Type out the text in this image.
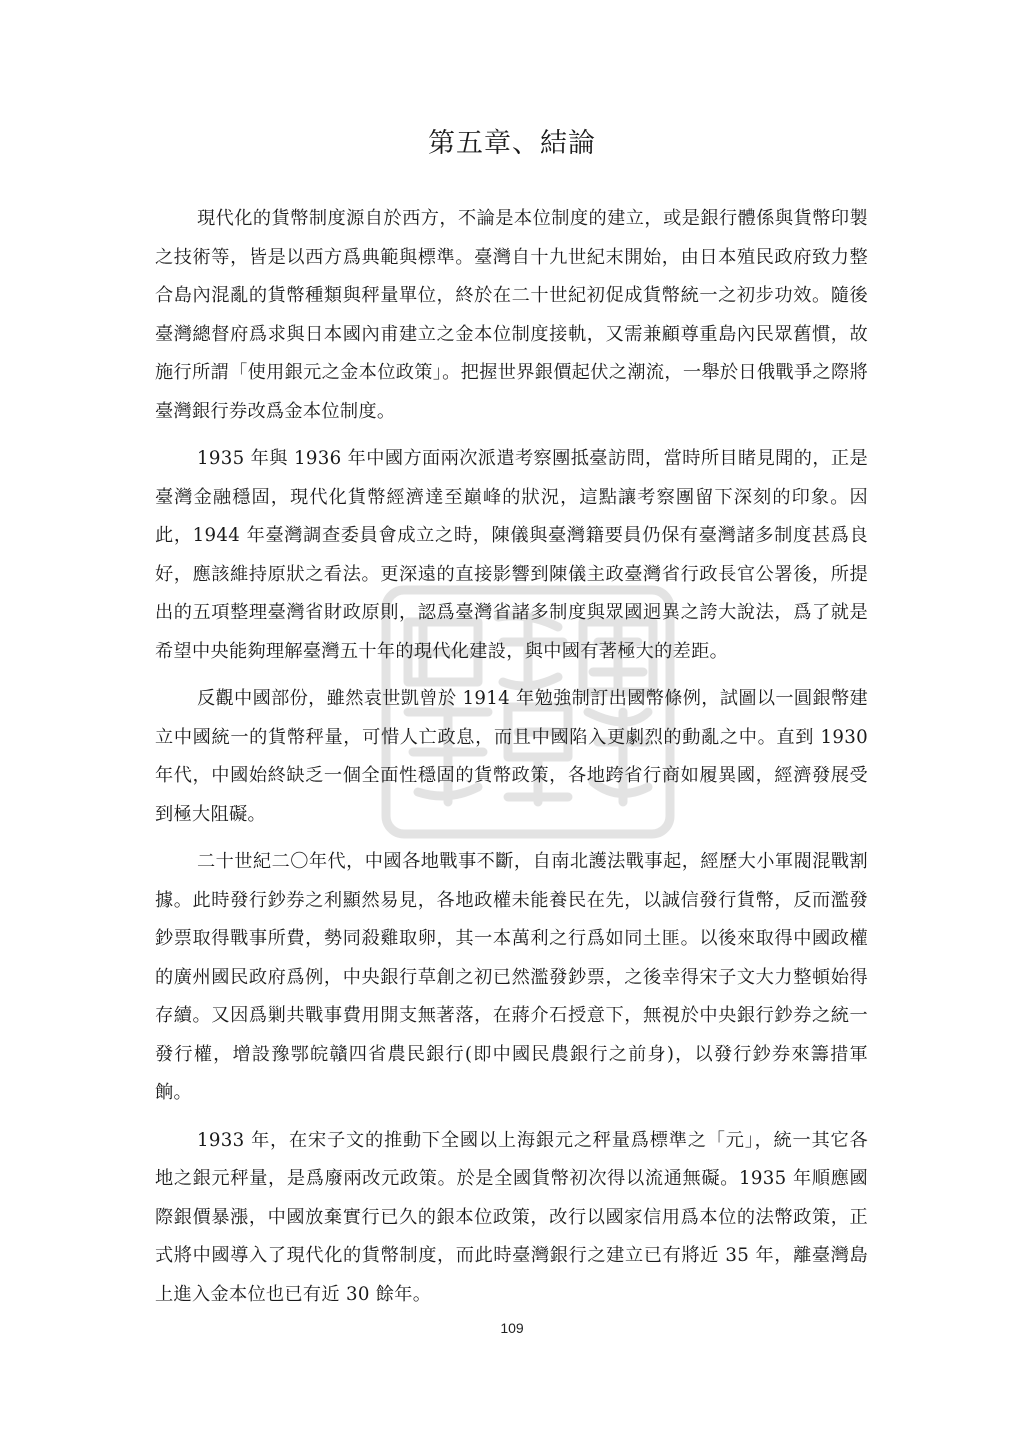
第五章、結論

現代化的貨幣制度源自於西方，不論是本位制度的建立，或是銀行體係與貨幣印製之技術等，皆是以西方爲典範與標準。臺灣自十九世紀末開始，由日本殖民政府致力整合島內混亂的貨幣種類與秤量單位，終於在二十世紀初促成貨幣統一之初步功效。隨後臺灣總督府爲求與日本國內甫建立之金本位制度接軌，又需兼顧尊重島內民眾舊慣，故施行所謂「使用銀元之金本位政策」。把握世界銀價起伏之潮流，一舉於日俄戰爭之際將臺灣銀行券改爲金本位制度。

1935 年與 1936 年中國方面兩次派遣考察團抵臺訪問，當時所目睹見聞的，正是臺灣金融穩固，現代化貨幣經濟達至巔峰的狀況，這點讓考察團留下深刻的印象。因此，1944 年臺灣調查委員會成立之時，陳儀與臺灣籍要員仍保有臺灣諸多制度甚爲良好，應該維持原狀之看法。更深遠的直接影響到陳儀主政臺灣省行政長官公署後，所提出的五項整理臺灣省財政原則，認爲臺灣省諸多制度與眾國迥異之誇大說法，爲了就是希望中央能夠理解臺灣五十年的現代化建設，與中國有著極大的差距。

反觀中國部份，雖然袁世凱曾於 1914 年勉強制訂出國幣條例，試圖以一圓銀幣建立中國統一的貨幣秤量，可惜人亡政息，而且中國陷入更劇烈的動亂之中。直到 1930 年代，中國始終缺乏一個全面性穩固的貨幣政策，各地跨省行商如履異國，經濟發展受到極大阻礙。

二十世紀二〇年代，中國各地戰事不斷，自南北護法戰事起，經歷大小軍閥混戰割據。此時發行鈔券之利顯然易見，各地政權未能養民在先，以誠信發行貨幣，反而濫發鈔票取得戰事所費，勢同殺雞取卵，其一本萬利之行爲如同土匪。以後來取得中國政權的廣州國民政府爲例，中央銀行草創之初已然濫發鈔票，之後幸得宋子文大力整頓始得存續。又因爲剿共戰事費用開支無著落，在蔣介石授意下，無視於中央銀行鈔券之統一發行權，增設豫鄂皖贛四省農民銀行(即中國民農銀行之前身)，以發行鈔券來籌措軍餉。

1933 年，在宋子文的推動下全國以上海銀元之秤量爲標準之「元」，統一其它各地之銀元秤量，是爲廢兩改元政策。於是全國貨幣初次得以流通無礙。1935 年順應國際銀價暴漲，中國放棄實行已久的銀本位政策，改行以國家信用爲本位的法幣政策，正式將中國導入了現代化的貨幣制度，而此時臺灣銀行之建立已有將近 35 年，離臺灣島上進入金本位也已有近 30 餘年。

109
